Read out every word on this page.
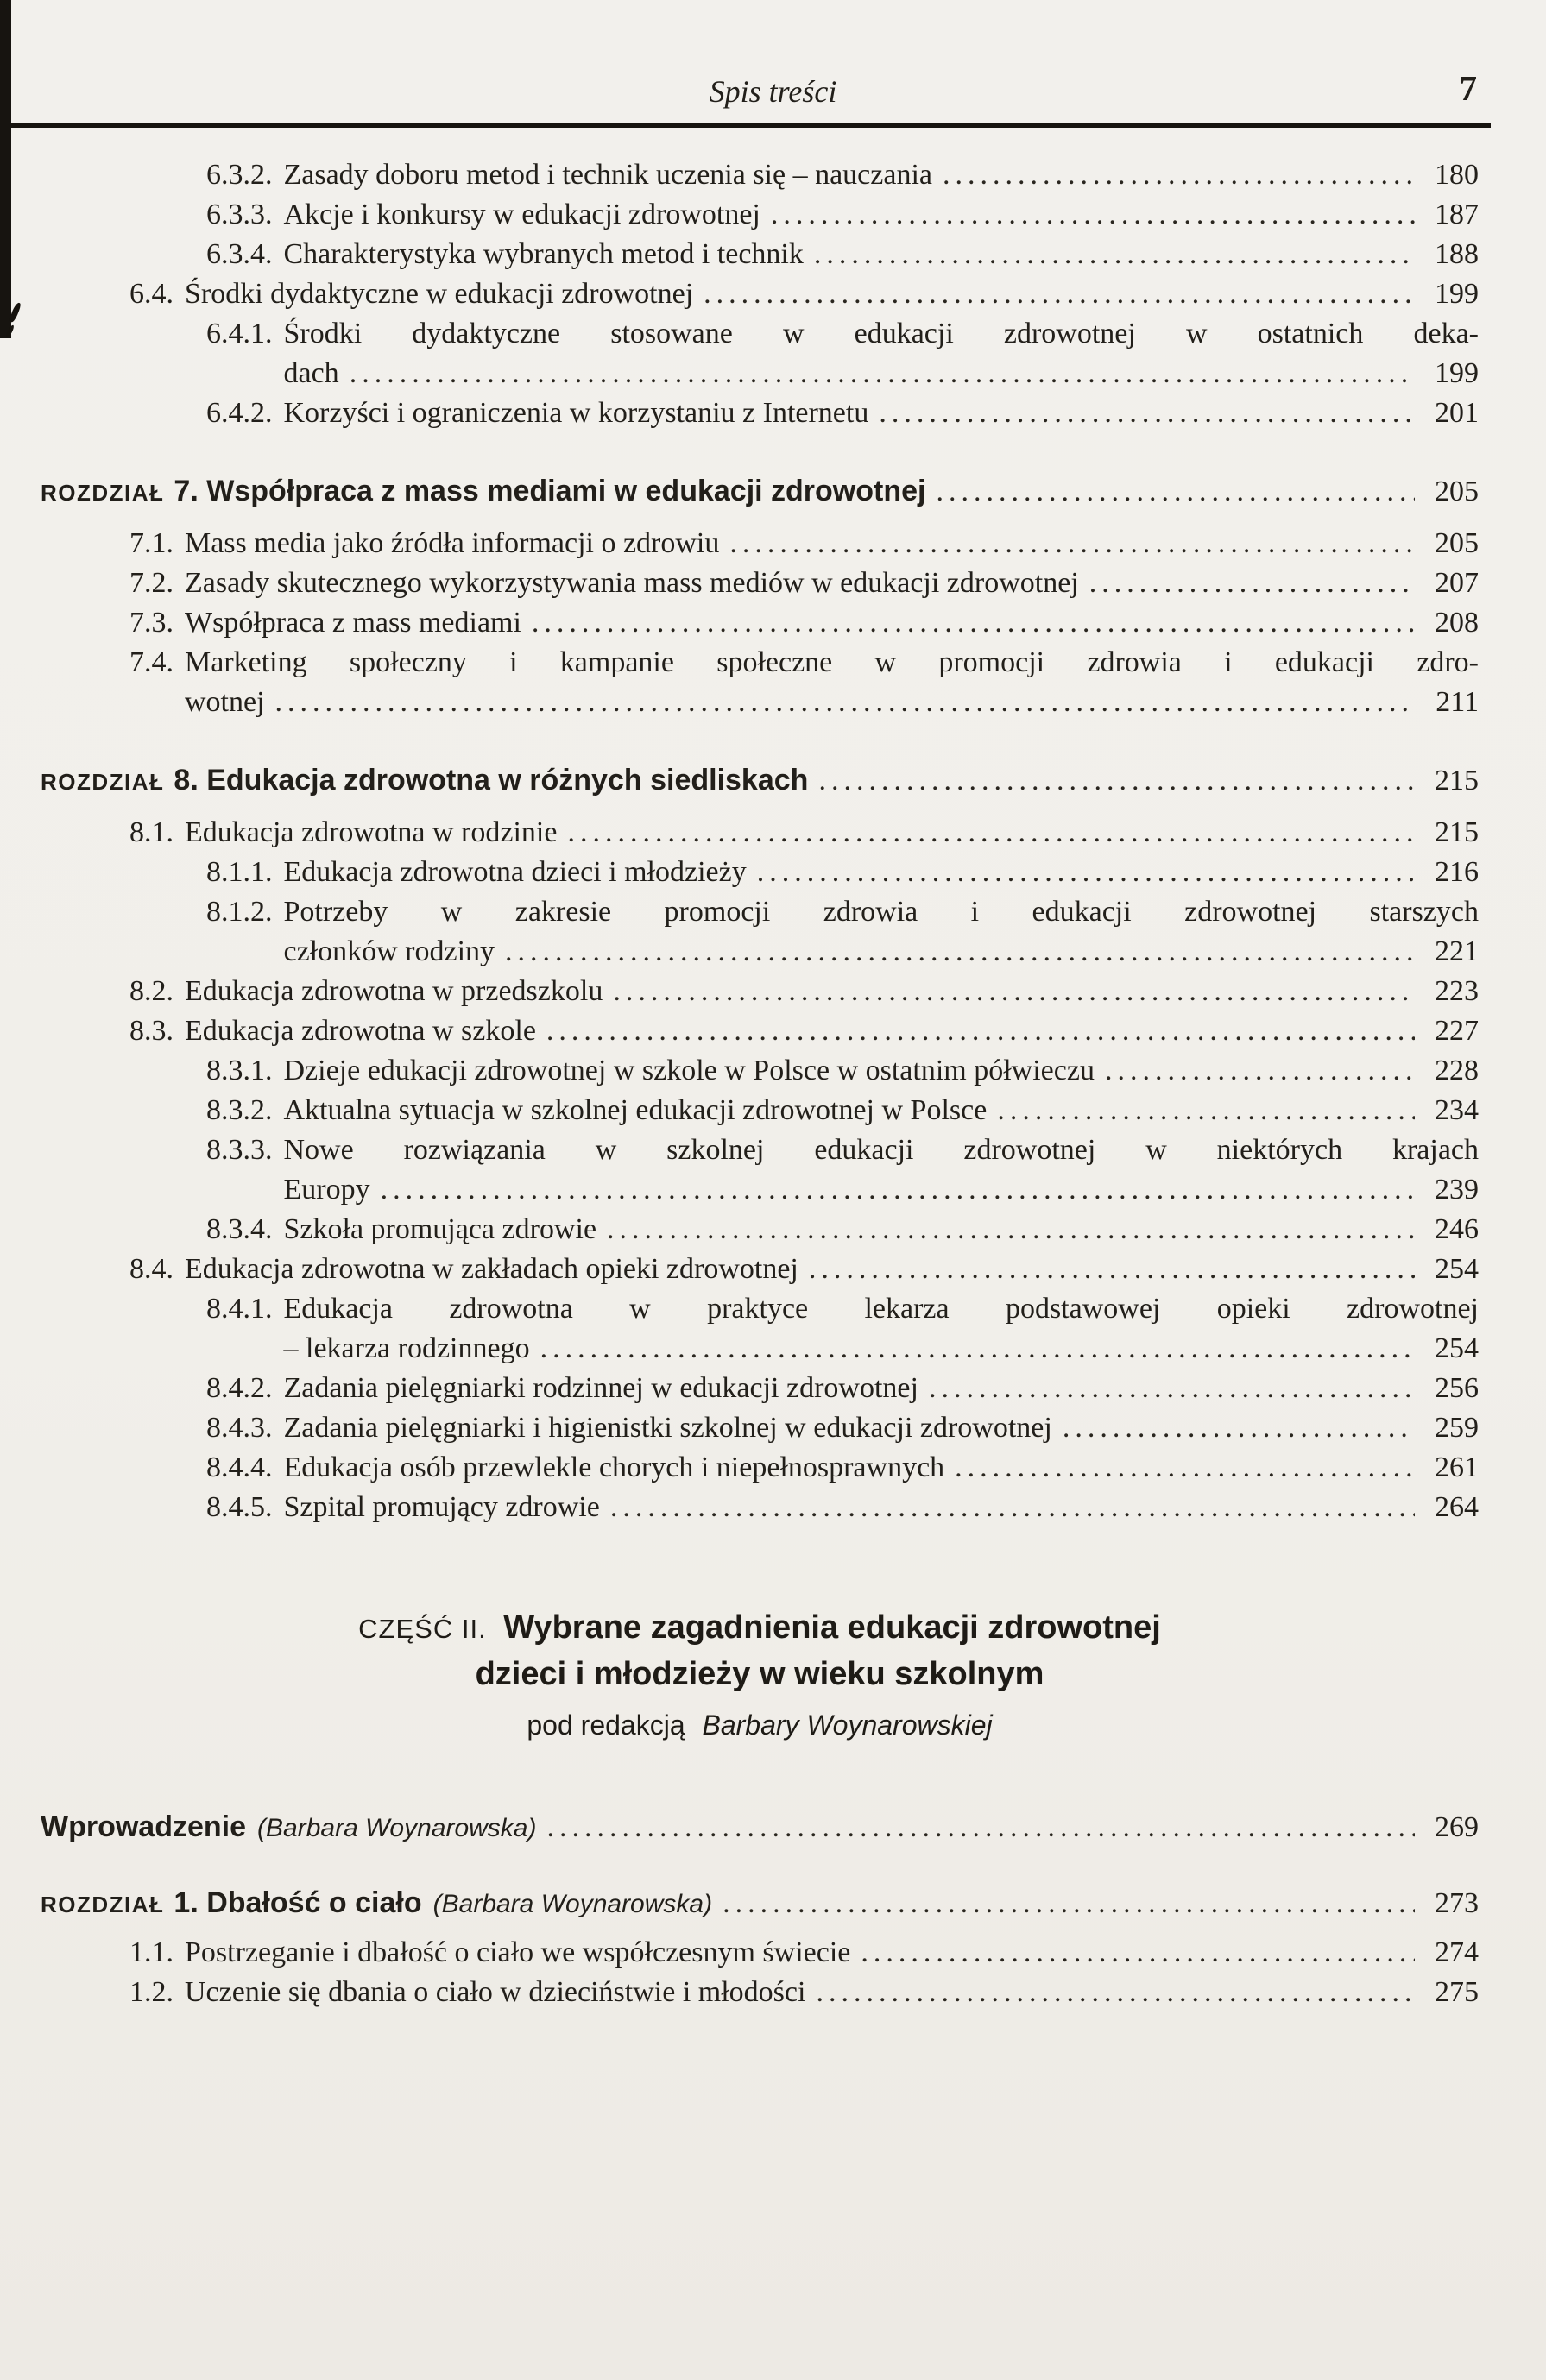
Spis treści	7
6.3.2. Zasady doboru metod i technik uczenia się – nauczania .....	180
6.3.3. Akcje i konkursy w edukacji zdrowotnej .....	187
6.3.4. Charakterystyka wybranych metod i technik .....	188
6.4. Środki dydaktyczne w edukacji zdrowotnej .....	199
6.4.1. Środki dydaktyczne stosowane w edukacji zdrowotnej w ostatnich deka-
dach .....	199
6.4.2. Korzyści i ograniczenia w korzystaniu z Internetu .....	201
ROZDZIAŁ 7. Współpraca z mass mediami w edukacji zdrowotnej .....	205
7.1. Mass media jako źródła informacji o zdrowiu .....	205
7.2. Zasady skutecznego wykorzystywania mass mediów w edukacji zdrowotnej .....	207
7.3. Współpraca z mass mediami .....	208
7.4. Marketing społeczny i kampanie społeczne w promocji zdrowia i edukacji zdro-
wotnej .....	211
ROZDZIAŁ 8. Edukacja zdrowotna w różnych siedliskach .....	215
8.1. Edukacja zdrowotna w rodzinie .....	215
8.1.1. Edukacja zdrowotna dzieci i młodzieży .....	216
8.1.2. Potrzeby w zakresie promocji zdrowia i edukacji zdrowotnej starszych
członków rodziny .....	221
8.2. Edukacja zdrowotna w przedszkolu .....	223
8.3. Edukacja zdrowotna w szkole .....	227
8.3.1. Dzieje edukacji zdrowotnej w szkole w Polsce w ostatnim półwieczu .....	228
8.3.2. Aktualna sytuacja w szkolnej edukacji zdrowotnej w Polsce .....	234
8.3.3. Nowe rozwiązania w szkolnej edukacji zdrowotnej w niektórych krajach
Europy .....	239
8.3.4. Szkoła promująca zdrowie .....	246
8.4. Edukacja zdrowotna w zakładach opieki zdrowotnej .....	254
8.4.1. Edukacja zdrowotna w praktyce lekarza podstawowej opieki zdrowotnej
– lekarza rodzinnego .....	254
8.4.2. Zadania pielęgniarki rodzinnej w edukacji zdrowotnej .....	256
8.4.3. Zadania pielęgniarki i higienistki szkolnej w edukacji zdrowotnej .....	259
8.4.4. Edukacja osób przewlekle chorych i niepełnosprawnych .....	261
8.4.5. Szpital promujący zdrowie .....	264
CZĘŚĆ II. Wybrane zagadnienia edukacji zdrowotnej
dzieci i młodzieży w wieku szkolnym
pod redakcją Barbary Woynarowskiej
Wprowadzenie (Barbara Woynarowska) .....	269
ROZDZIAŁ 1. Dbałość o ciało (Barbara Woynarowska) .....	273
1.1. Postrzeganie i dbałość o ciało we współczesnym świecie .....	274
1.2. Uczenie się dbania o ciało w dzieciństwie i młodości .....	275
